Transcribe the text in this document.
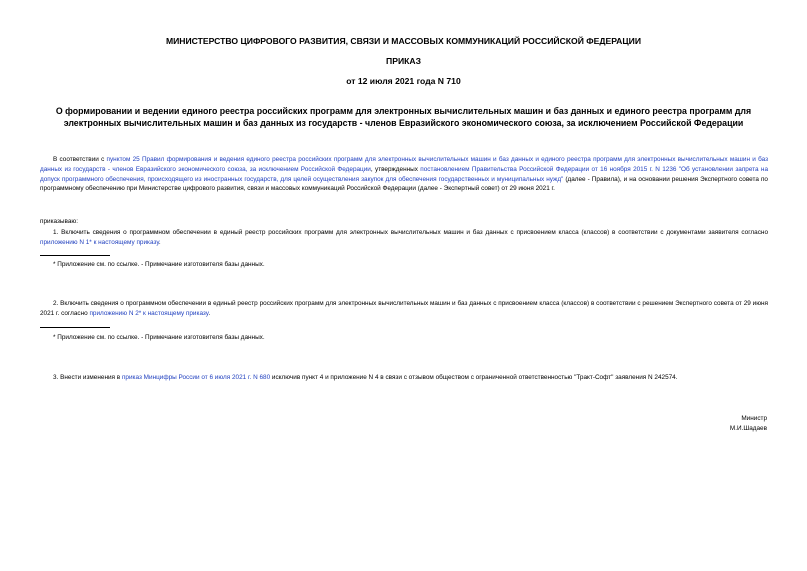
МИНИСТЕРСТВО ЦИФРОВОГО РАЗВИТИЯ, СВЯЗИ И МАССОВЫХ КОММУНИКАЦИЙ РОССИЙСКОЙ ФЕДЕРАЦИИ
ПРИКАЗ
от 12 июля 2021 года N 710
О формировании и ведении единого реестра российских программ для электронных вычислительных машин и баз данных и единого реестра программ для
электронных вычислительных машин и баз данных из государств - членов Евразийского экономического союза, за исключением Российской Федерации
В соответствии с пунктом 25 Правил формирования и ведения единого реестра российских программ для электронных вычислительных машин и баз данных и единого реестра программ для электронных вычислительных машин и баз данных из государств - членов Евразийского экономического союза, за исключением Российской Федерации, утвержденных постановлением Правительства Российской Федерации от 16 ноября 2015 г. N 1236 "Об установлении запрета на допуск программного обеспечения, происходящего из иностранных государств, для целей осуществления закупок для обеспечения государственных и муниципальных нужд" (далее - Правила), и на основании решения Экспертного совета по программному обеспечению при Министерстве цифрового развития, связи и массовых коммуникаций Российской Федерации (далее - Экспертный совет) от 29 июня 2021 г.
приказываю:
1. Включить сведения о программном обеспечении в единый реестр российских программ для электронных вычислительных машин и баз данных с присвоением класса (классов) в соответствии с документами заявителя согласно приложению N 1* к настоящему приказу.
* Приложение см. по ссылке. - Примечание изготовителя базы данных.
2. Включить сведения о программном обеспечении в единый реестр российских программ для электронных вычислительных машин и баз данных с присвоением класса (классов) в соответствии с решением Экспертного совета от 29 июня 2021 г. согласно приложению N 2* к настоящему приказу.
* Приложение см. по ссылке. - Примечание изготовителя базы данных.
3. Внести изменения в приказ Минцифры России от 6 июля 2021 г. N 680 исключив пункт 4 и приложение N 4 в связи с отзывом обществом с ограниченной ответственностью "Тракт-Софт" заявления N 242574.
Министр
М.И.Шадаев
